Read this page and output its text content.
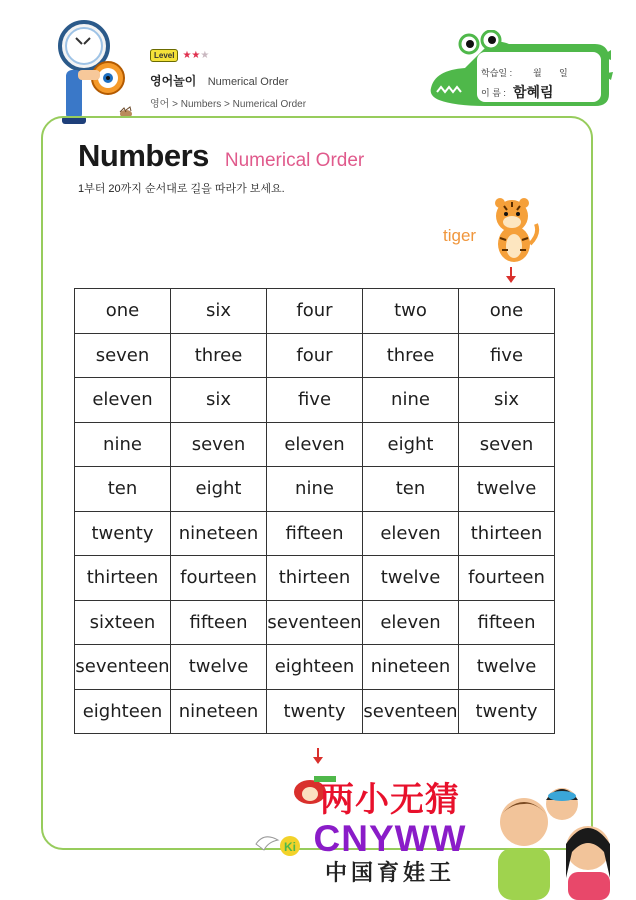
Level ★★★
영어놀이 Numerical Order
영어 > Numbers > Numerical Order
학습일 : 월 일
이 름 : 함혜림
Numbers Numerical Order
1부터 20까지 순서대로 길을 따라가 보세요.
tiger
one	six	four	two	one
seven	three	four	three	five
eleven	six	five	nine	six
nine	seven	eleven	eight	seven
ten	eight	nine	ten	twelve
twenty	nineteen	fifteen	eleven	thirteen
thirteen	fourteen	thirteen	twelve	fourteen
sixteen	fifteen	seventeen	eleven	fifteen
seventeen	twelve	eighteen	nineteen	twelve
eighteen	nineteen	twenty	seventeen	twenty
Ki
两小无猜
CNYWW
中国育娃王
